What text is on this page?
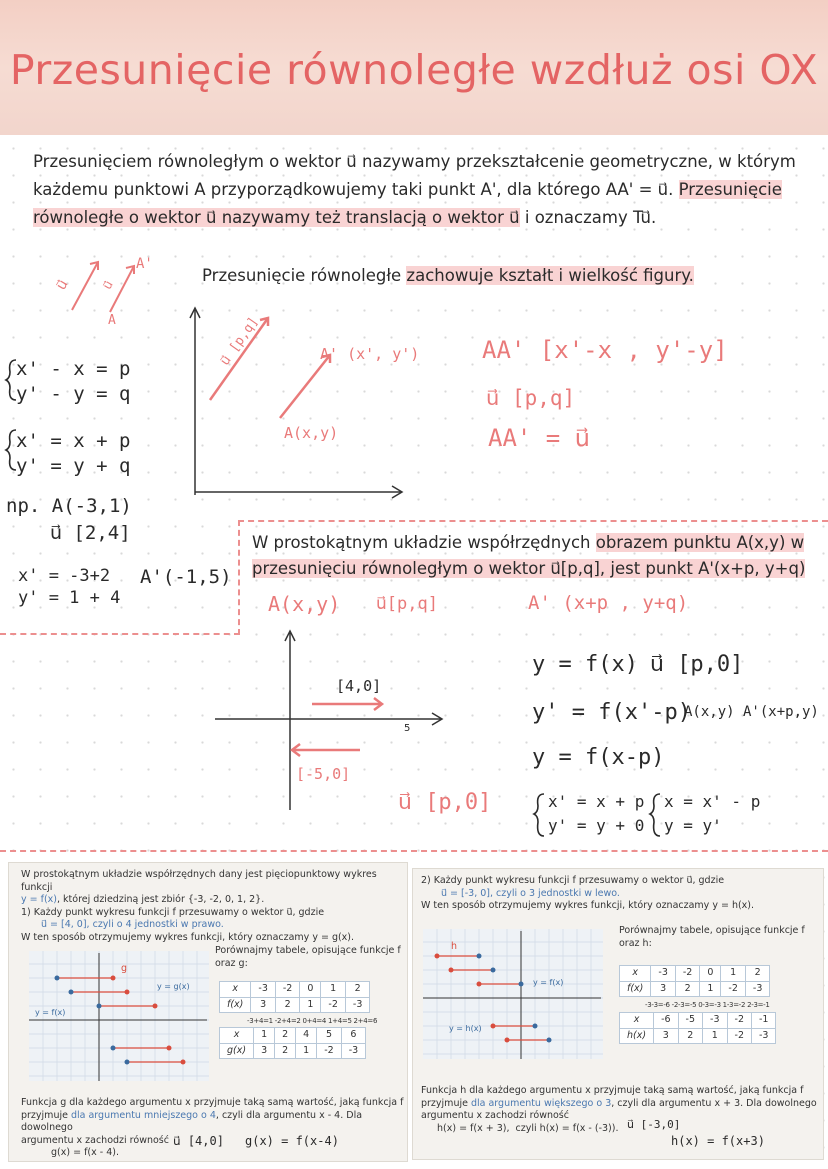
Przesunięcie równoległe wzdłuż osi OX

Przesunięciem równoległym o wektor u⃗ nazywamy przekształcenie geometryczne, w którym

każdemu punktowi A przyporządkowujemy taki punkt A', dla którego AA' = u⃗. Przesunięcie

równoległe o wektor u⃗ nazywamy też translacją o wektor u⃗ i oznaczamy Tu⃗.

u⃗ u⃗
A
A'
Przesunięcie równoległe zachowuje kształt i wielkość figury.
x' - x = p
y' - y = q
x' = x + p
y' = y + q
np. A(-3,1)
u⃗ [2,4]
x' = -3+2
y' = 1 + 4
A'(-1,5)
u⃗ [p,q]	A' (x', y')
A(x,y)
AA' [x'-x , y'-y]
u⃗ [p,q]
AA' = u⃗
W prostokątnym układzie współrzędnych obrazem punktu A(x,y) w
przesunięciu równoległym o wektor u⃗[p,q], jest punkt A'(x+p, y+q)
A(x,y) u⃗[p,q]	A' (x+p , y+q)
[4,0]
[-5,0]
5
u⃗ [p,0]
y = f(x) u⃗ [p,0]
y' = f(x'-p)
A(x,y) A'(x+p,y)
y = f(x-p)
x' = x + p
y' = y + 0
x = x' - p
y = y'
W prostokątnym układzie współrzędnych dany jest pięciopunktowy wykres funkcji
y = f(x), której dziedziną jest zbiór {-3, -2, 0, 1, 2}.
1) Każdy punkt wykresu funkcji f przesuwamy o wektor u⃗, gdzie
u⃗ = [4, 0], czyli o 4 jednostki w prawo.
W ten sposób otrzymujemy wykres funkcji, który oznaczamy y = g(x).
g
y = g(x)
y = f(x)
Porównajmy tabele, opisujące funkcje f
oraz g:
x	-3	-2	0	1	2
f(x)	3	2	1	-2	-3
-3+4=1 -2+4=2 0+4=4 1+4=5 2+4=6
x	1	2	4	5	6
g(x)	3	2	1	-2	-3
Funkcja g dla każdego argumentu x przyjmuje taką samą wartość, jaką funkcja f
przyjmuje dla argumentu mniejszego o 4, czyli dla argumentu x - 4. Dla dowolnego
argumentu x zachodzi równość
g(x) = f(x - 4).
u⃗ [4,0] g(x) = f(x-4)
2) Każdy punkt wykresu funkcji f przesuwamy o wektor u⃗, gdzie
u⃗ = [-3, 0], czyli o 3 jednostki w lewo.
W ten sposób otrzymujemy wykres funkcji, który oznaczamy y = h(x).
h
y = f(x)
y = h(x)
Porównajmy tabele, opisujące funkcje f
oraz h:
x	-3	-2	0	1	2
f(x)	3	2	1	-2	-3
-3-3=-6 -2-3=-5 0-3=-3 1-3=-2 2-3=-1
x	-6	-5	-3	-2	-1
h(x)	3	2	1	-2	-3
Funkcja h dla każdego argumentu x przyjmuje taką samą wartość, jaką funkcja f
przyjmuje dla argumentu większego o 3, czyli dla argumentu x + 3. Dla dowolnego
argumentu x zachodzi równość
h(x) = f(x + 3), czyli h(x) = f(x - (-3)). u⃗ [-3,0]
h(x) = f(x+3)
